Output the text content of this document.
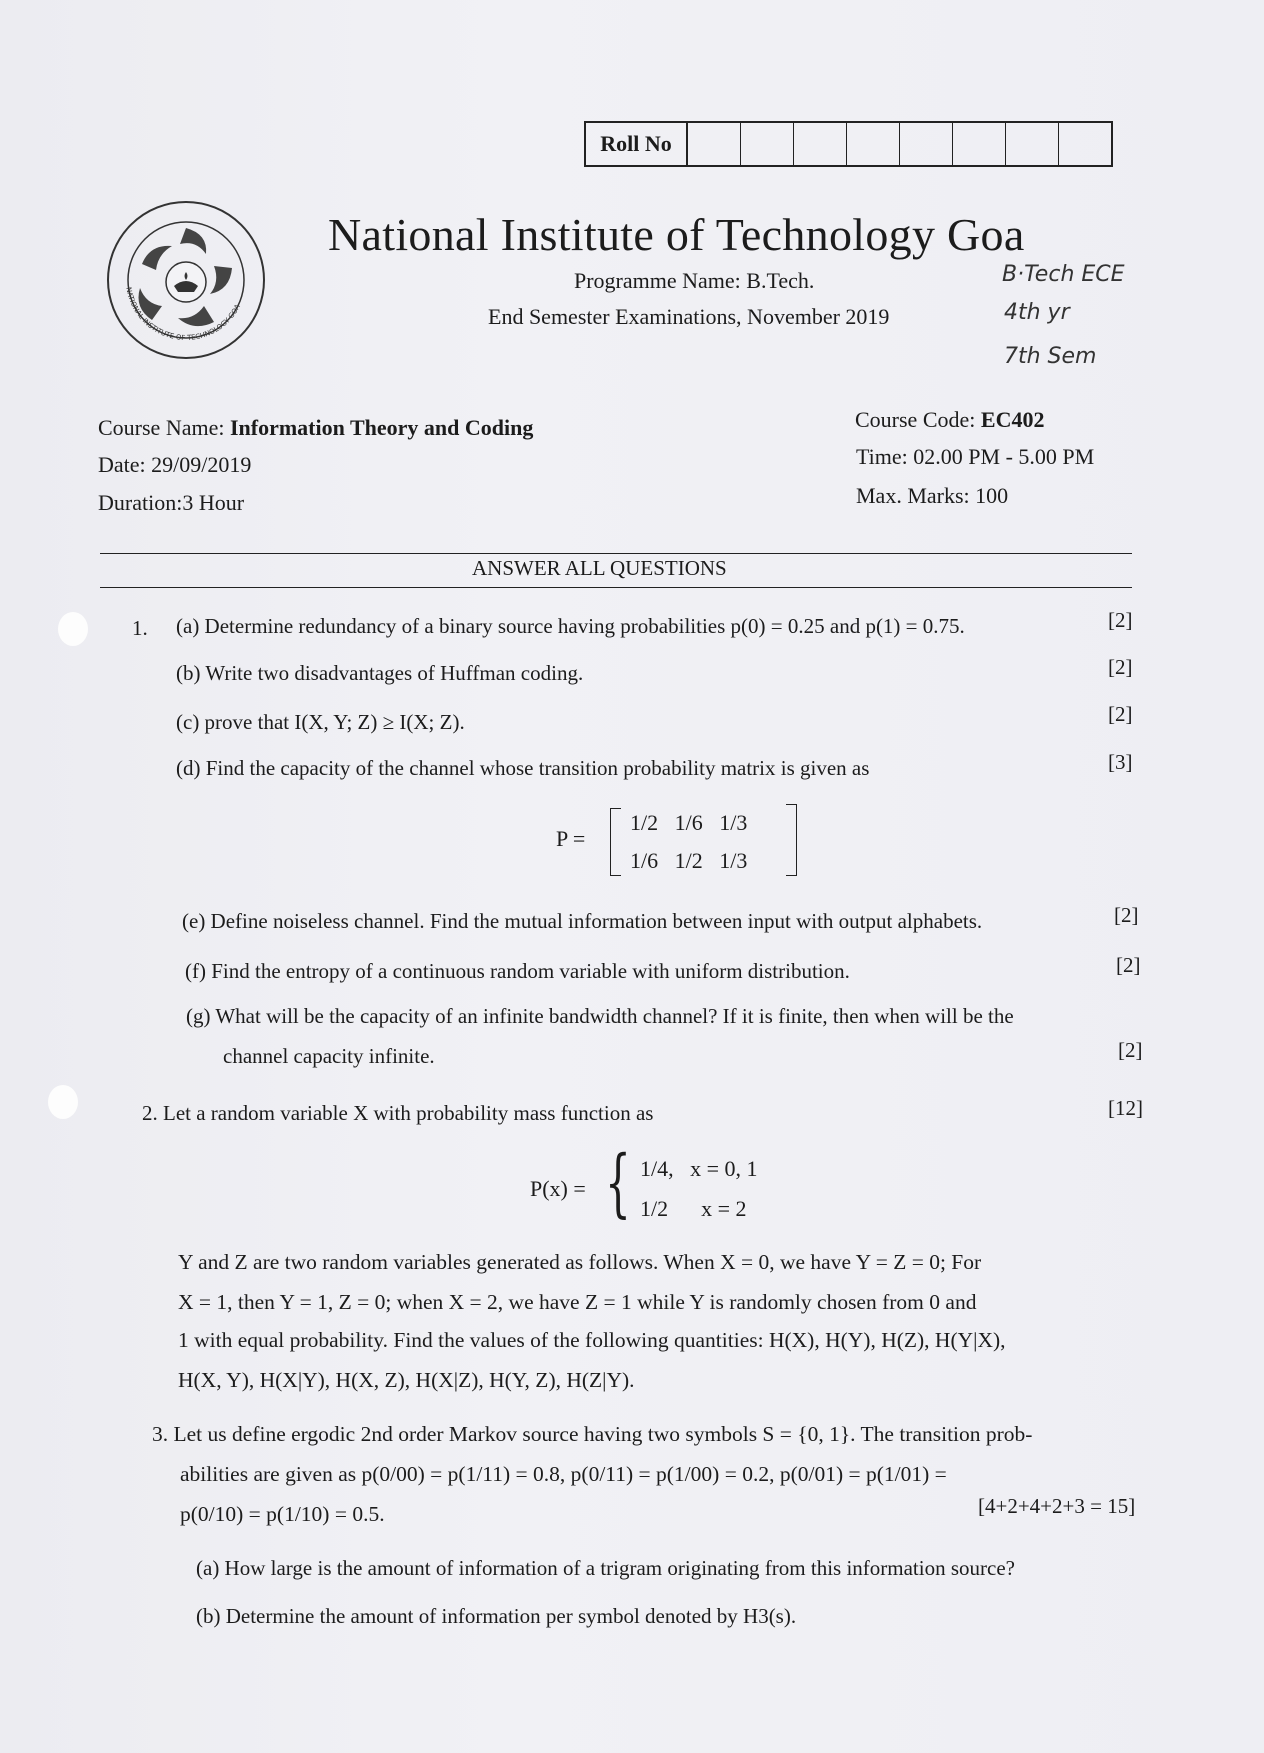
Roll No
NATIONAL INSTITUTE OF TECHNOLOGY GOA
National Institute of Technology Goa
Programme Name: B.Tech.
End Semester Examinations, November 2019
B·Tech ECE
4th yr
7th Sem
Course Name: Information Theory and Coding
Date: 29/09/2019
Duration:3 Hour
Course Code: EC402
Time: 02.00 PM - 5.00 PM
Max. Marks: 100
ANSWER ALL QUESTIONS
1. (a) Determine redundancy of a binary source having probabilities p(0) = 0.25 and p(1) = 0.75.	[2]
(b) Write two disadvantages of Huffman coding.	[2]
(c) prove that I(X, Y; Z) ≥ I(X; Z).	[2]
(d) Find the capacity of the channel whose transition probability matrix is given as	[3]
P =
1/2   1/6   1/3
1/6   1/2   1/3
(e) Define noiseless channel. Find the mutual information between input with output alphabets.	[2]
(f) Find the entropy of a continuous random variable with uniform distribution.	[2]
(g) What will be the capacity of an infinite bandwidth channel? If it is finite, then when will be the
channel capacity infinite.	[2]
2. Let a random variable X with probability mass function as	[12]
P(x) = { 1/4,   x = 0, 1
1/2      x = 2
Y and Z are two random variables generated as follows. When X = 0, we have Y = Z = 0; For
X = 1, then Y = 1, Z = 0; when X = 2, we have Z = 1 while Y is randomly chosen from 0 and
1 with equal probability. Find the values of the following quantities: H(X), H(Y), H(Z), H(Y|X),
H(X, Y), H(X|Y), H(X, Z), H(X|Z), H(Y, Z), H(Z|Y).
3. Let us define ergodic 2nd order Markov source having two symbols S = {0, 1}. The transition prob-
abilities are given as p(0/00) = p(1/11) = 0.8, p(0/11) = p(1/00) = 0.2, p(0/01) = p(1/01) =
p(0/10) = p(1/10) = 0.5.	[4+2+4+2+3 = 15]
(a) How large is the amount of information of a trigram originating from this information source?
(b) Determine the amount of information per symbol denoted by H3(s).
